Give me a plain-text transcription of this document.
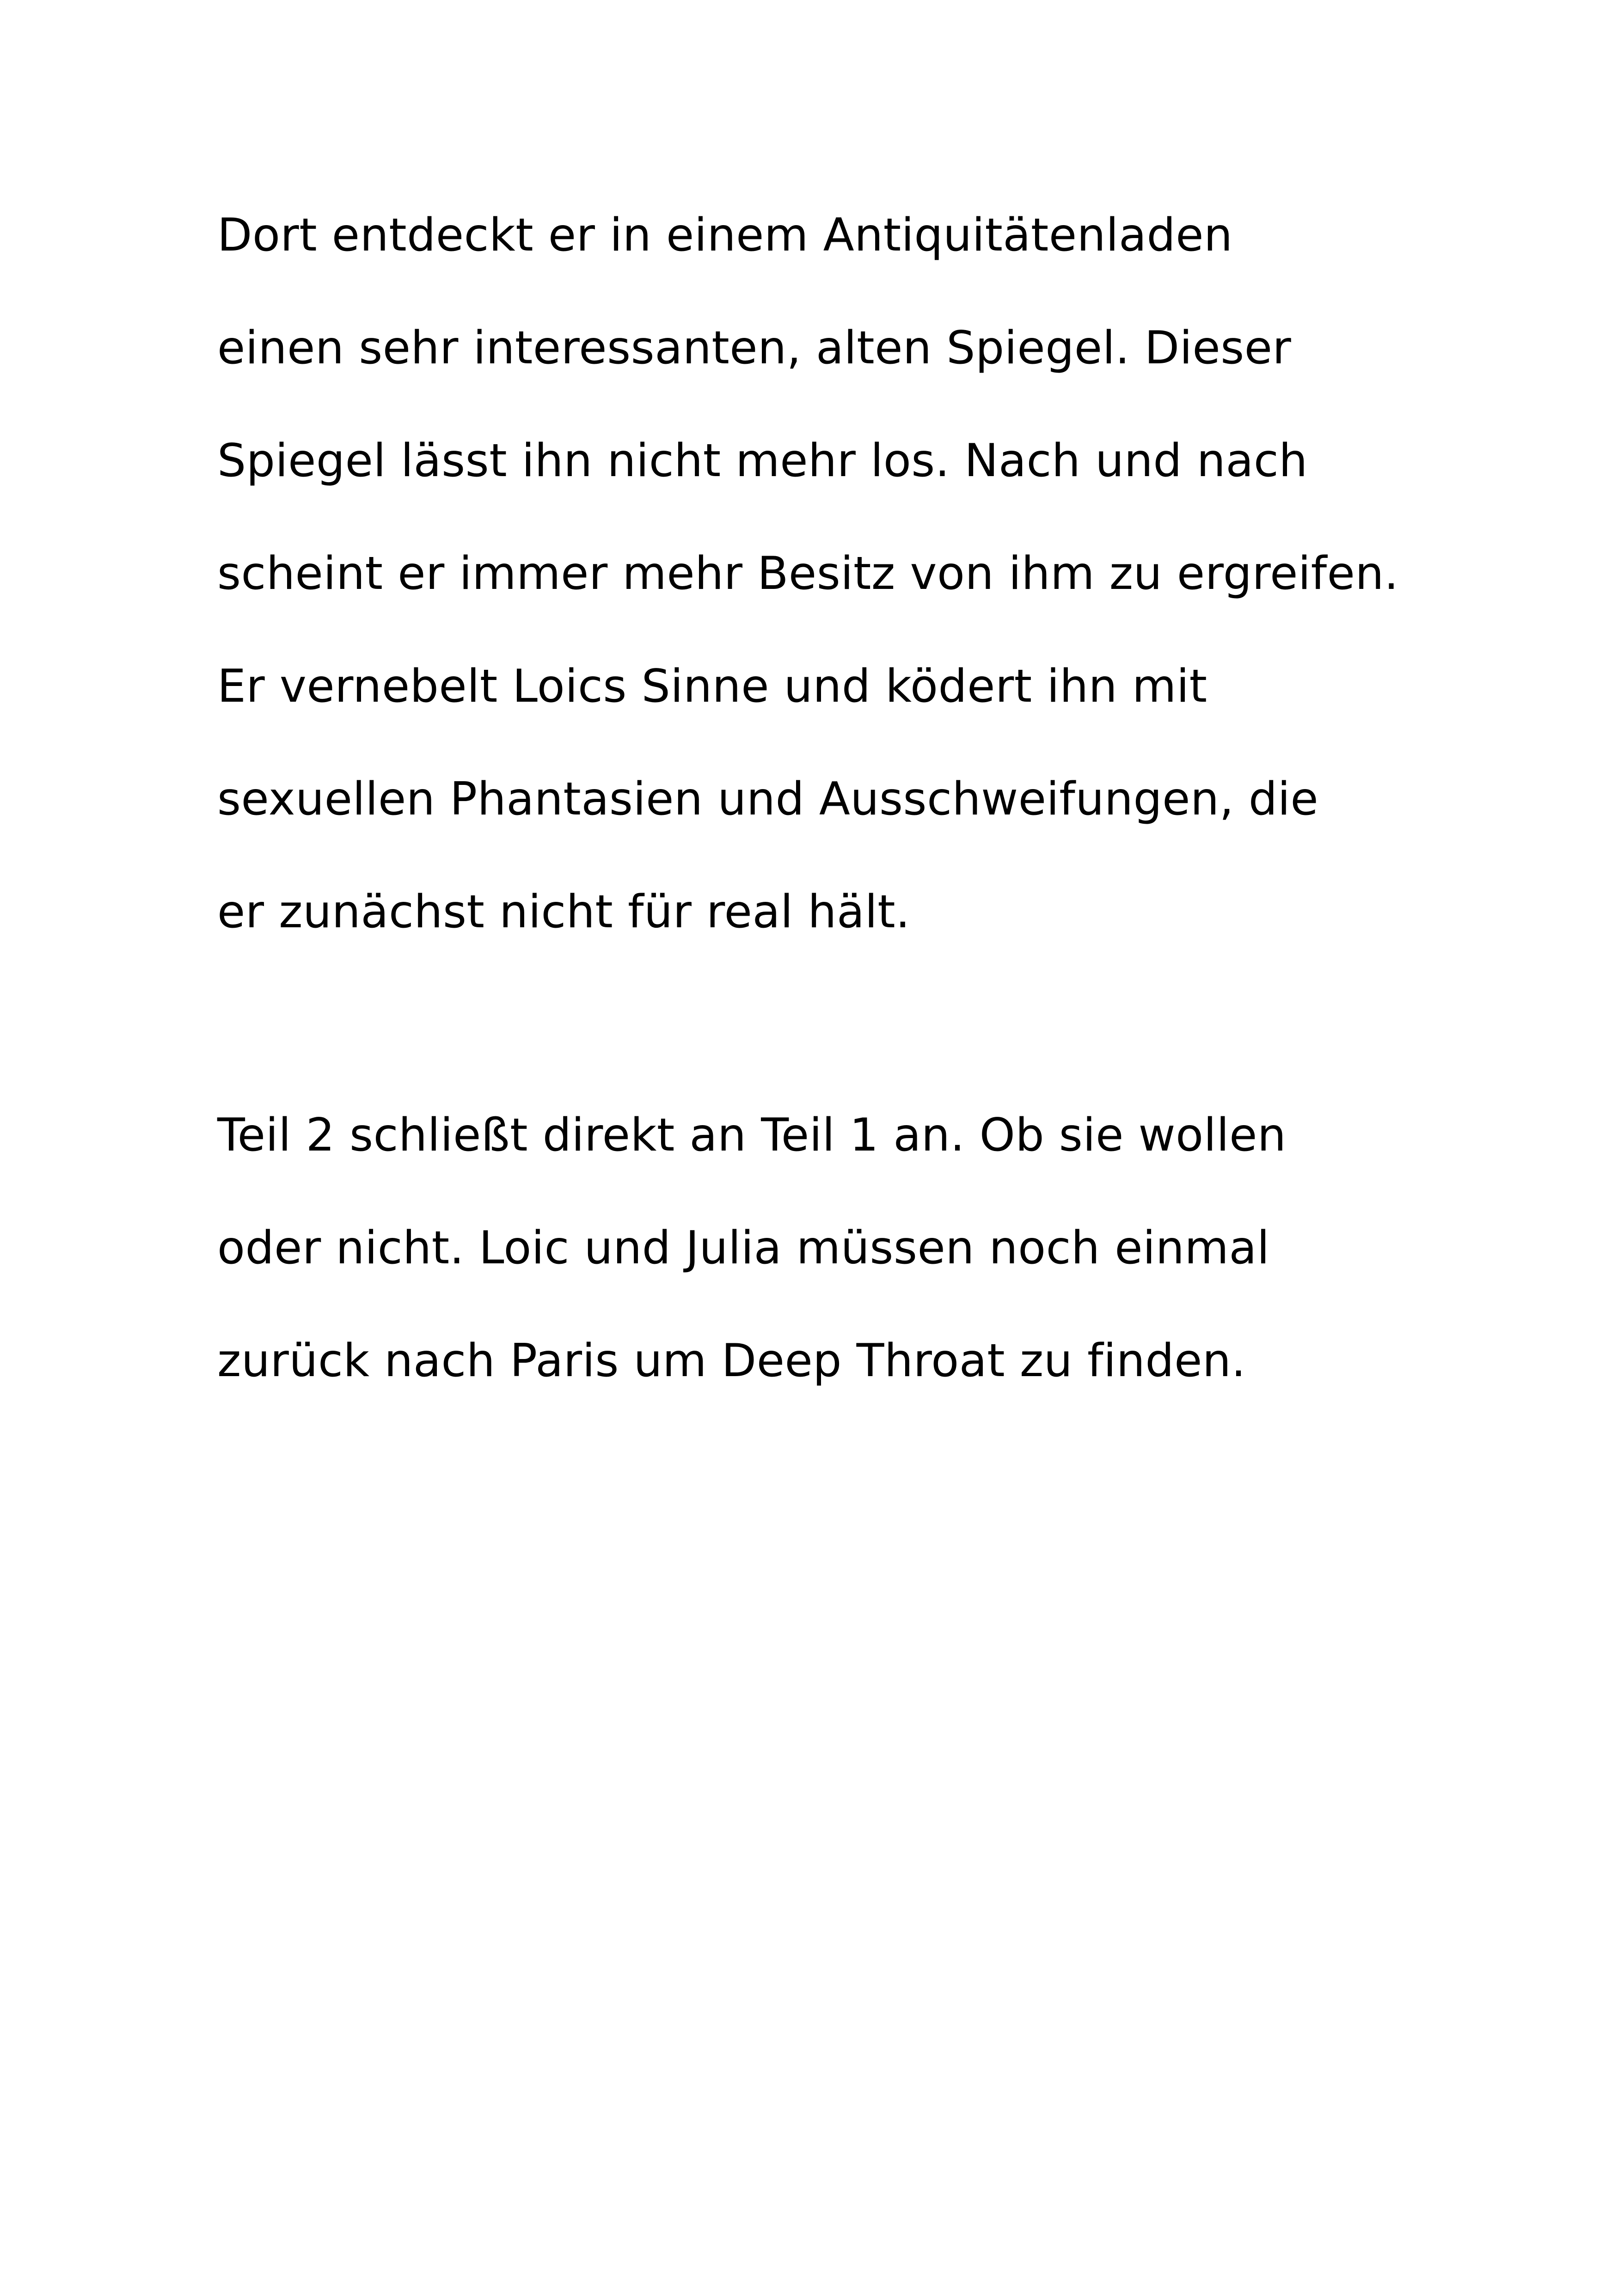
Dort entdeckt er in einem Antiquitätenladen
einen sehr interessanten, alten Spiegel. Dieser
Spiegel lässt ihn nicht mehr los. Nach und nach
scheint er immer mehr Besitz von ihm zu ergreifen.
Er vernebelt Loics Sinne und ködert ihn mit
sexuellen Phantasien und Ausschweifungen, die
er zunächst nicht für real hält.
Teil 2 schließt direkt an Teil 1 an. Ob sie wollen
oder nicht. Loic und Julia müssen noch einmal
zurück nach Paris um Deep Throat zu finden.
